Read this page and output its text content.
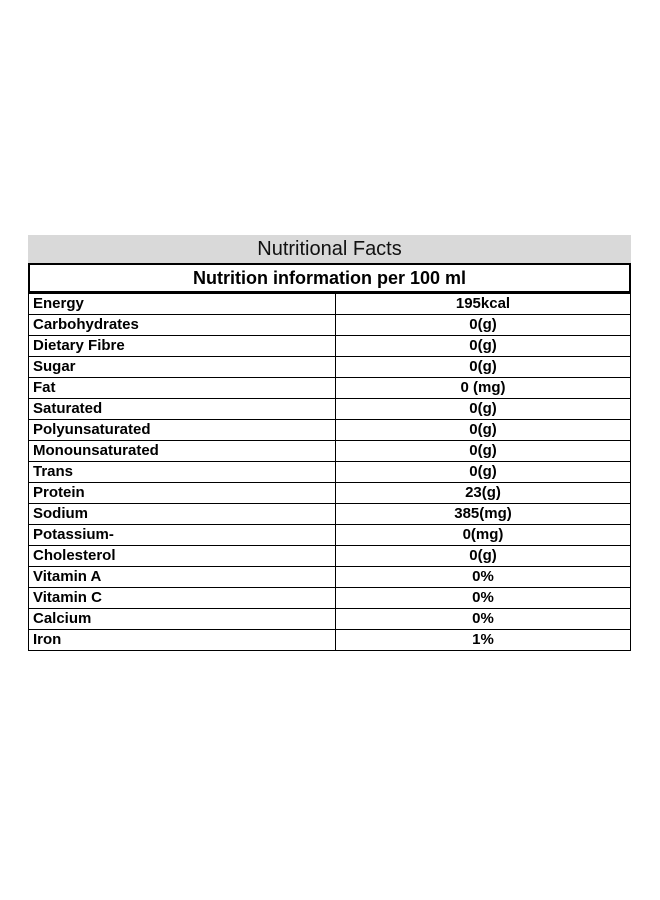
Nutritional Facts
Nutrition information per 100 ml
Energy	195kcal
Carbohydrates	0(g)
Dietary Fibre	0(g)
Sugar	0(g)
Fat	0 (mg)
Saturated	0(g)
Polyunsaturated	0(g)
Monounsaturated	0(g)
Trans	0(g)
Protein	23(g)
Sodium	385(mg)
Potassium-	0(mg)
Cholesterol	0(g)
Vitamin A	0%
Vitamin C	0%
Calcium	0%
Iron	1%
